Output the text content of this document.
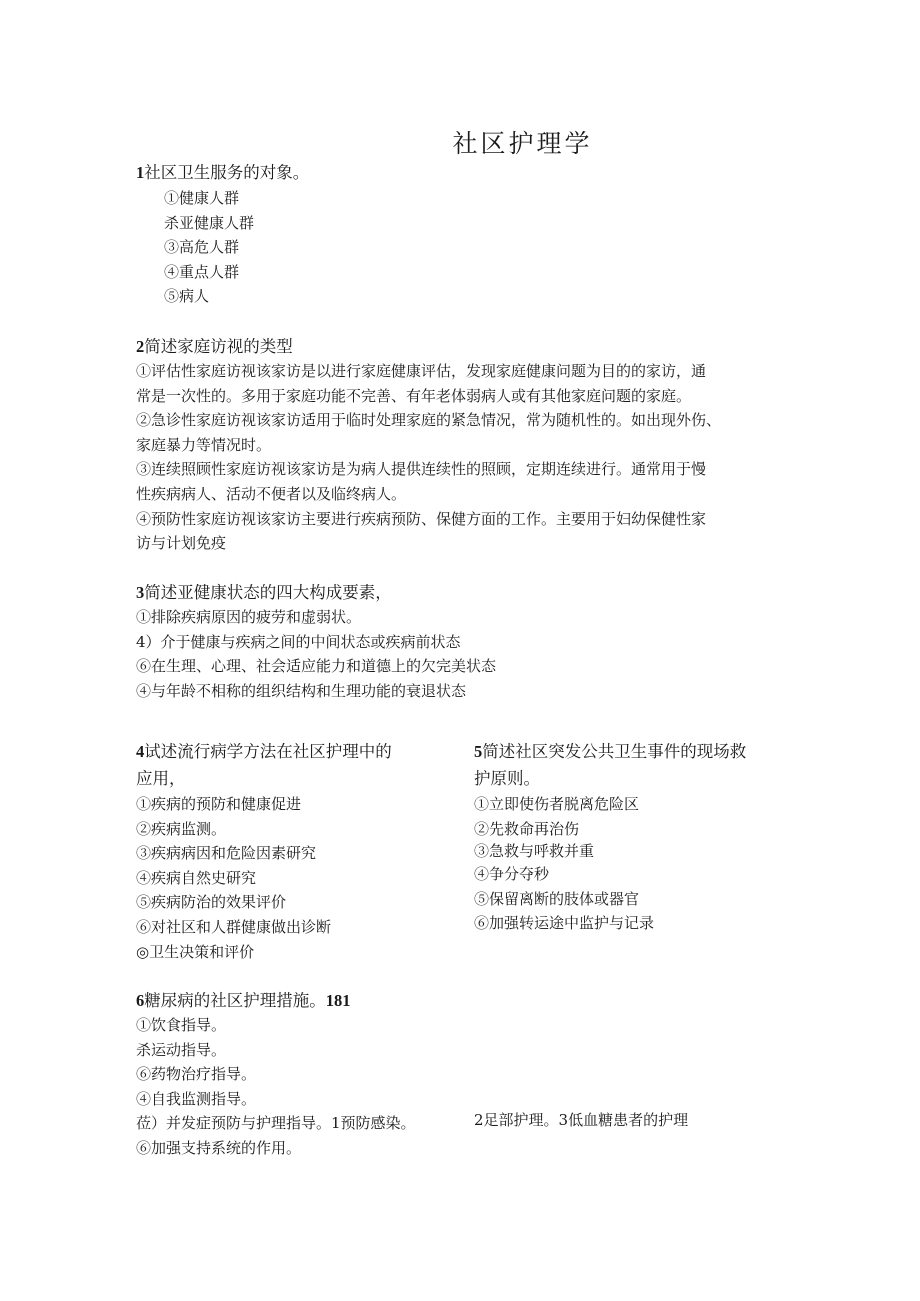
社区护理学
1社区卫生服务的对象。
①健康人群
杀亚健康人群
③高危人群
④重点人群
⑤病人
2简述家庭访视的类型
①评估性家庭访视该家访是以进行家庭健康评估，发现家庭健康问题为目的的家访，通
常是一次性的。多用于家庭功能不完善、有年老体弱病人或有其他家庭问题的家庭。
②急诊性家庭访视该家访适用于临时处理家庭的紧急情况，常为随机性的。如出现外伤、
家庭暴力等情况时。
③连续照顾性家庭访视该家访是为病人提供连续性的照顾，定期连续进行。通常用于慢
性疾病病人、活动不便者以及临终病人。
④预防性家庭访视该家访主要进行疾病预防、保健方面的工作。主要用于妇幼保健性家
访与计划免疫
3简述亚健康状态的四大构成要素，
①排除疾病原因的疲劳和虚弱状。
4）介于健康与疾病之间的中间状态或疾病前状态
⑥在生理、心理、社会适应能力和道德上的欠完美状态
④与年龄不相称的组织结构和生理功能的衰退状态
4试述流行病学方法在社区护理中的
应用，
①疾病的预防和健康促进
②疾病监测。
③疾病病因和危险因素研究
④疾病自然史研究
⑤疾病防治的效果评价
⑥对社区和人群健康做出诊断
◎卫生决策和评价
5简述社区突发公共卫生事件的现场救
护原则。
①立即使伤者脱离危险区
②先救命再治伤
③急救与呼救并重
④争分夺秒
⑤保留离断的肢体或器官
⑥加强转运途中监护与记录
6糖尿病的社区护理措施。181
①饮食指导。
杀运动指导。
⑥药物治疗指导。
④自我监测指导。
莅）并发症预防与护理指导。1预防感染。
⑥加强支持系统的作用。
2足部护理。3低血糖患者的护理
